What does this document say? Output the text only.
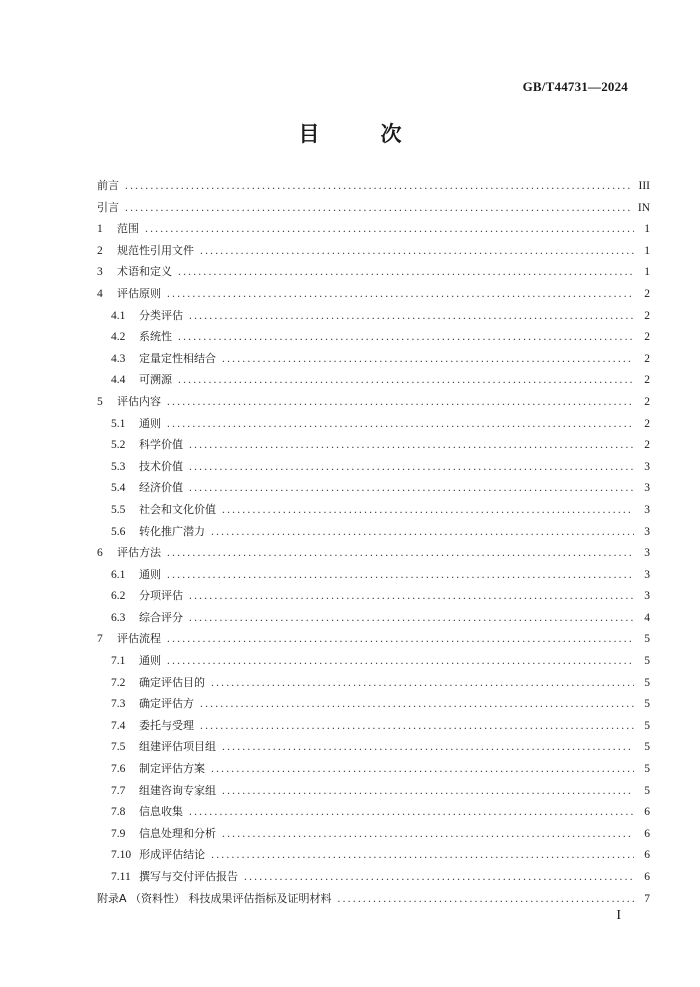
GB/T44731—2024
目　次
前言 .....	III
引言 .....	IN
1	范围 .....	1
2	规范性引用文件 .....	1
3	术语和定义 .....	1
4	评估原则 .....	2
4.1	分类评估 .....	2
4.2	系统性 .....	2
4.3	定量定性相结合 .....	2
4.4	可溯源 .....	2
5	评估内容 .....	2
5.1	通则 .....	2
5.2	科学价值 .....	2
5.3	技术价值 .....	3
5.4	经济价值 .....	3
5.5	社会和文化价值 .....	3
5.6	转化推广潜力 .....	3
6	评估方法 .....	3
6.1	通则 .....	3
6.2	分项评估 .....	3
6.3	综合评分 .....	4
7	评估流程 .....	5
7.1	通则 .....	5
7.2	确定评估目的 .....	5
7.3	确定评估方 .....	5
7.4	委托与受理 .....	5
7.5	组建评估项目组 .....	5
7.6	制定评估方案 .....	5
7.7	组建咨询专家组 .....	5
7.8	信息收集 .....	6
7.9	信息处理和分析 .....	6
7.10 形成评估结论 .....	6
7.11 撰写与交付评估报告 .....	6
附录A （资料性） 科技成果评估指标及证明材料 .....	7
I
